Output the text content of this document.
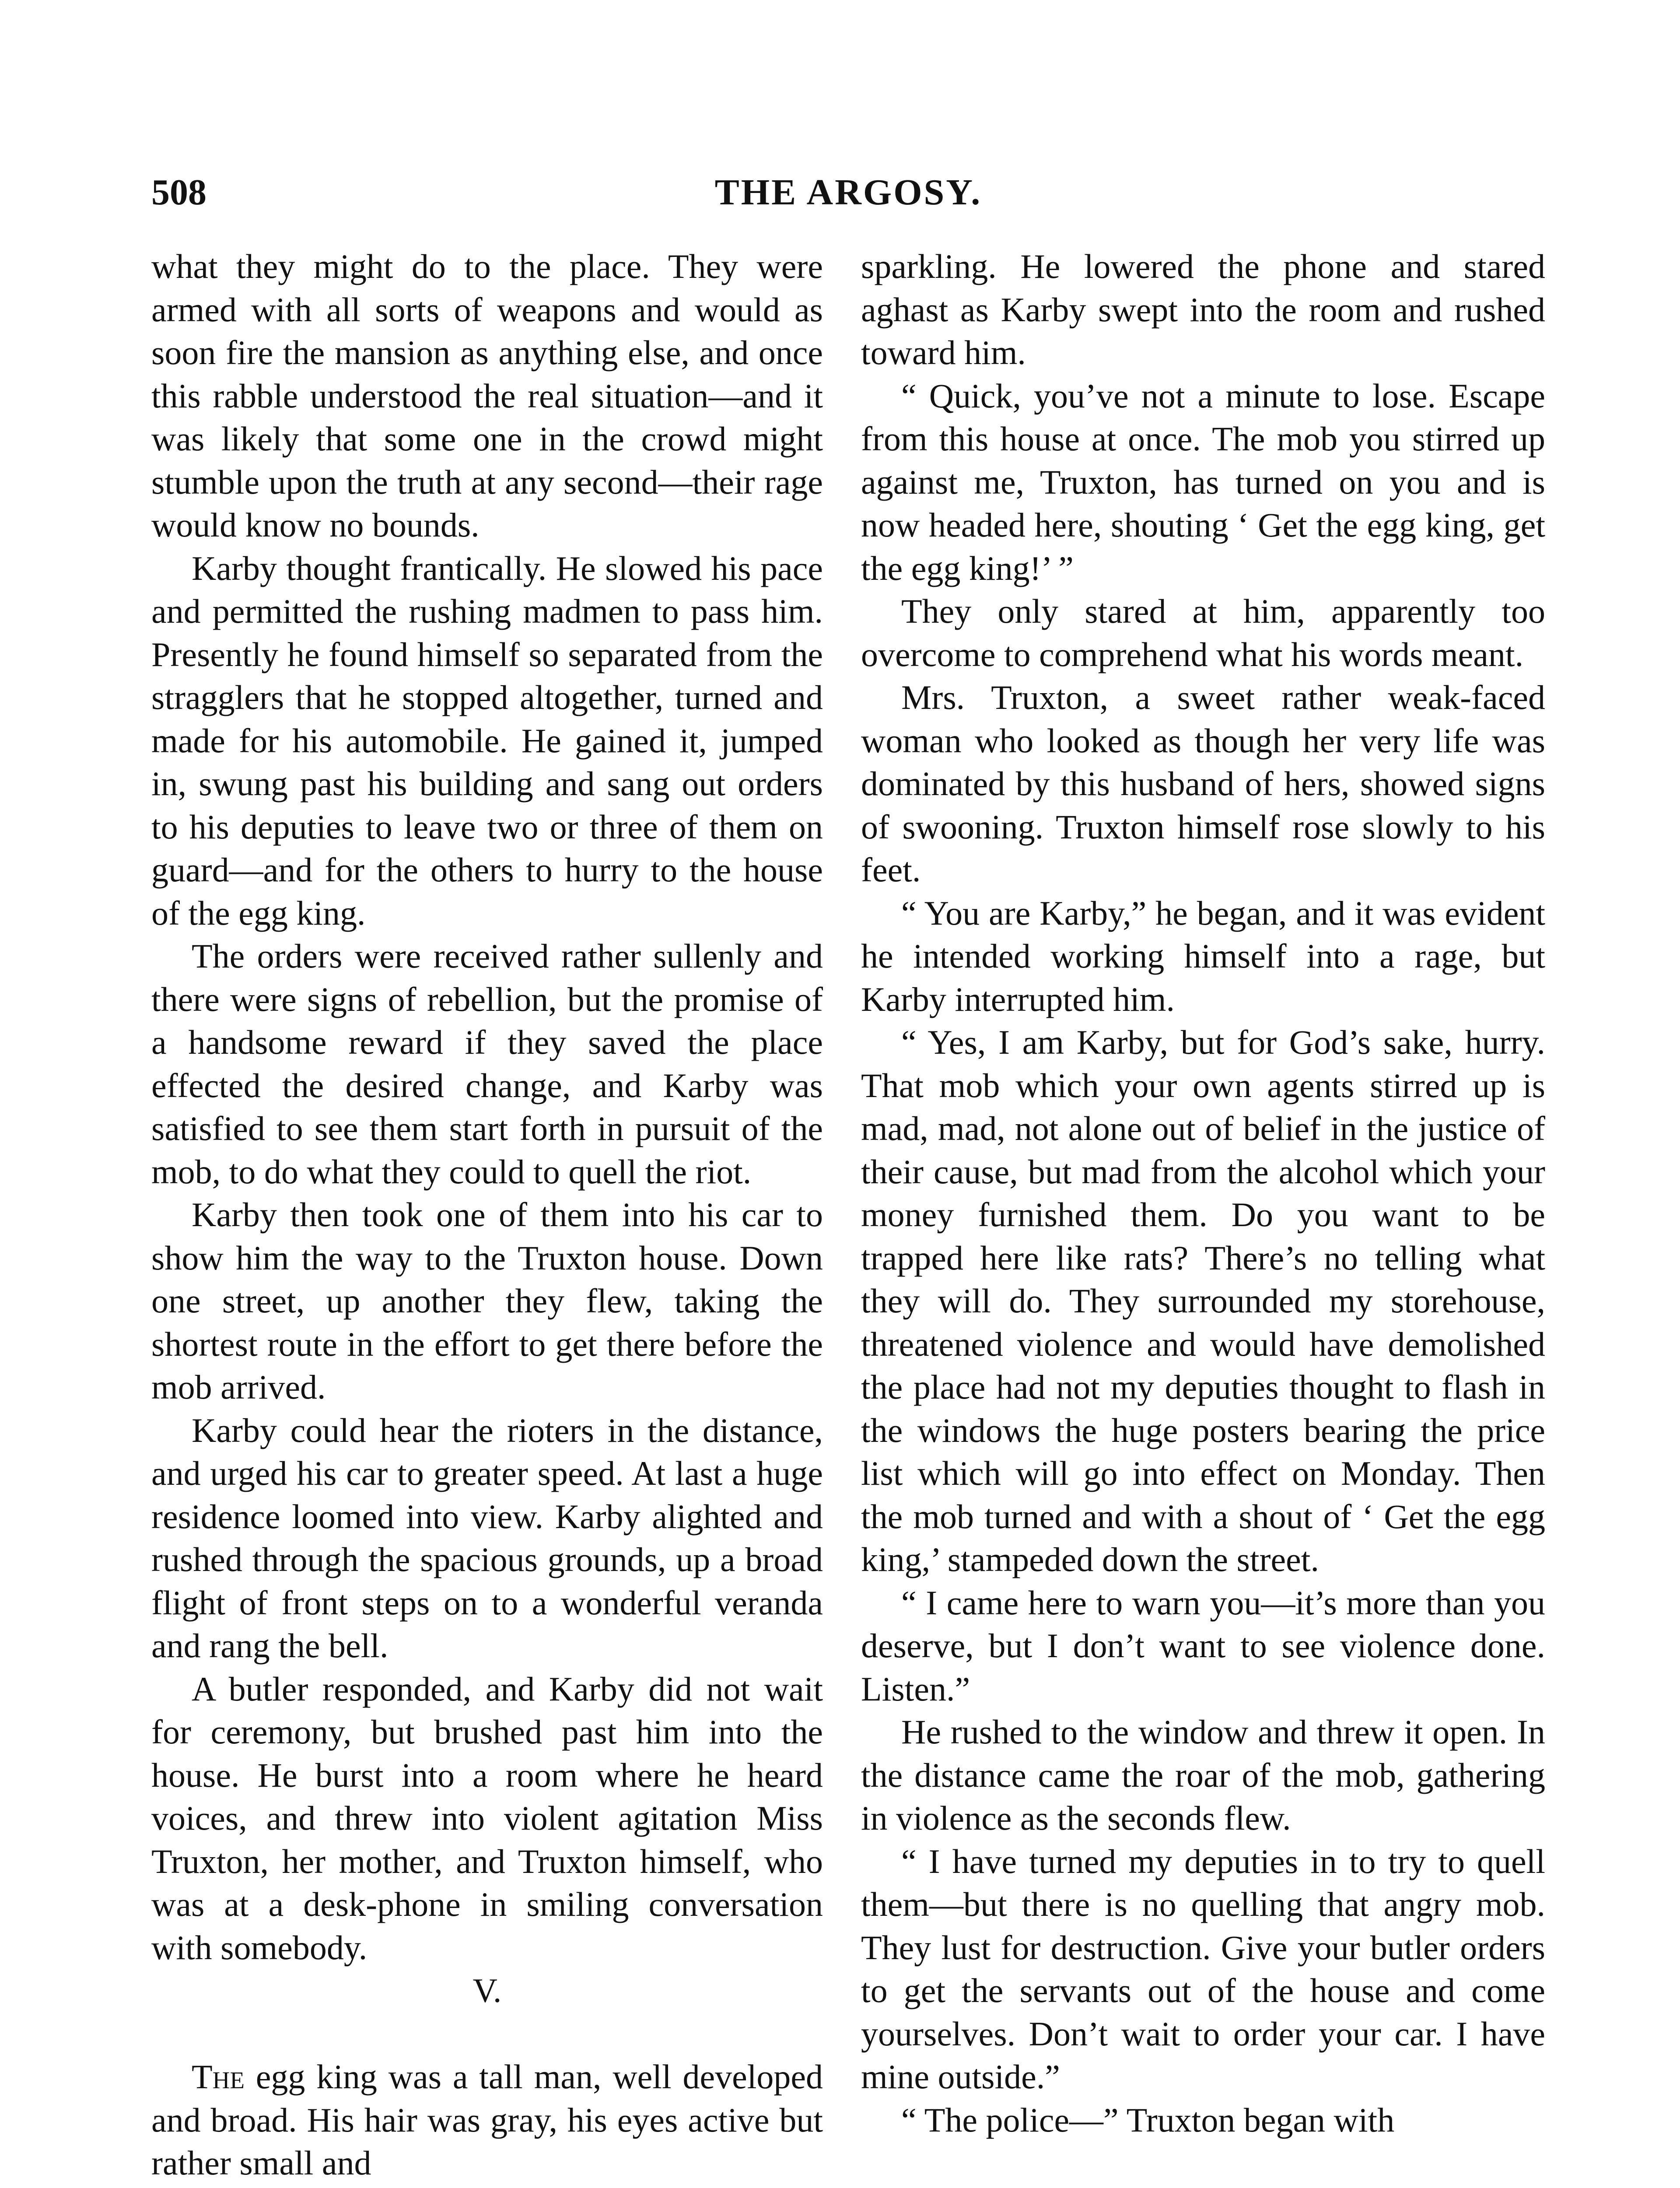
508	THE ARGOSY.

what they might do to the place. They were armed with all sorts of weapons and would as soon fire the mansion as anything else, and once this rabble understood the real situation—and it was likely that some one in the crowd might stumble upon the truth at any second—their rage would know no bounds.

Karby thought frantically. He slowed his pace and permitted the rushing madmen to pass him. Presently he found himself so separated from the stragglers that he stopped altogether, turned and made for his automobile. He gained it, jumped in, swung past his building and sang out orders to his deputies to leave two or three of them on guard—and for the others to hurry to the house of the egg king.

The orders were received rather sullenly and there were signs of rebellion, but the promise of a handsome reward if they saved the place effected the desired change, and Karby was satisfied to see them start forth in pursuit of the mob, to do what they could to quell the riot.

Karby then took one of them into his car to show him the way to the Truxton house. Down one street, up another they flew, taking the shortest route in the effort to get there before the mob arrived.

Karby could hear the rioters in the distance, and urged his car to greater speed. At last a huge residence loomed into view. Karby alighted and rushed through the spacious grounds, up a broad flight of front steps on to a wonderful veranda and rang the bell.

A butler responded, and Karby did not wait for ceremony, but brushed past him into the house. He burst into a room where he heard voices, and threw into violent agitation Miss Truxton, her mother, and Truxton himself, who was at a desk-phone in smiling conversation with somebody.

V.

The egg king was a tall man, well developed and broad. His hair was gray, his eyes active but rather small and

sparkling. He lowered the phone and stared aghast as Karby swept into the room and rushed toward him.

“ Quick, you’ve not a minute to lose. Escape from this house at once. The mob you stirred up against me, Truxton, has turned on you and is now headed here, shouting ‘ Get the egg king, get the egg king!’ ”

They only stared at him, apparently too overcome to comprehend what his words meant.

Mrs. Truxton, a sweet rather weak-faced woman who looked as though her very life was dominated by this husband of hers, showed signs of swooning. Truxton himself rose slowly to his feet.

“ You are Karby,” he began, and it was evident he intended working himself into a rage, but Karby interrupted him.

“ Yes, I am Karby, but for God’s sake, hurry. That mob which your own agents stirred up is mad, mad, not alone out of belief in the justice of their cause, but mad from the alcohol which your money furnished them. Do you want to be trapped here like rats? There’s no telling what they will do. They surrounded my storehouse, threatened violence and would have demolished the place had not my deputies thought to flash in the windows the huge posters bearing the price list which will go into effect on Monday. Then the mob turned and with a shout of ‘ Get the egg king,’ stampeded down the street.

“ I came here to warn you—it’s more than you deserve, but I don’t want to see violence done. Listen.”

He rushed to the window and threw it open. In the distance came the roar of the mob, gathering in violence as the seconds flew.

“ I have turned my deputies in to try to quell them—but there is no quelling that angry mob. They lust for destruction. Give your butler orders to get the servants out of the house and come yourselves. Don’t wait to order your car. I have mine outside.”

“ The police—” Truxton began with
